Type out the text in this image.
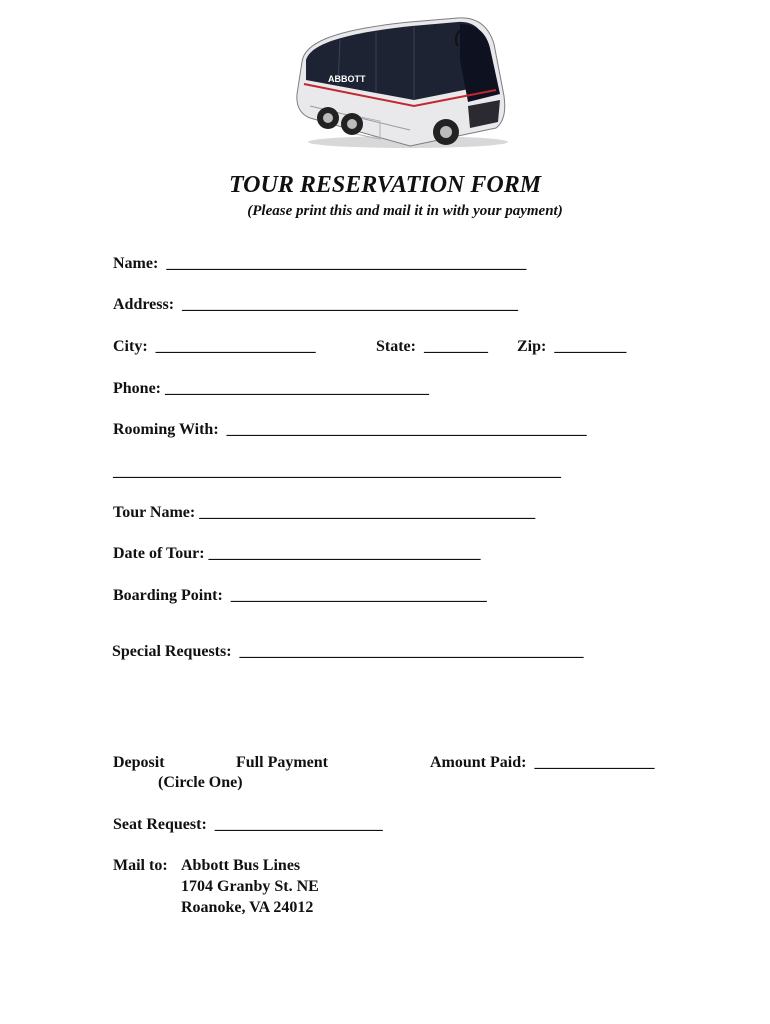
ABBOTT
TOUR RESERVATION FORM
(Please print this and mail it in with your payment)
Name:  _____________________________________________
Address:  __________________________________________
City:  ____________________	State:  ________ Zip:  _________
Phone: _________________________________
Rooming With:  _____________________________________________
________________________________________________________
Tour Name: __________________________________________
Date of Tour: __________________________________
Boarding Point:  ________________________________
Special Requests:  ___________________________________________
Deposit	Full Payment
(Circle One)
Amount Paid:  _______________
Seat Request:  _____________________
Mail to: Abbott Bus Lines
1704 Granby St. NE
Roanoke, VA 24012
